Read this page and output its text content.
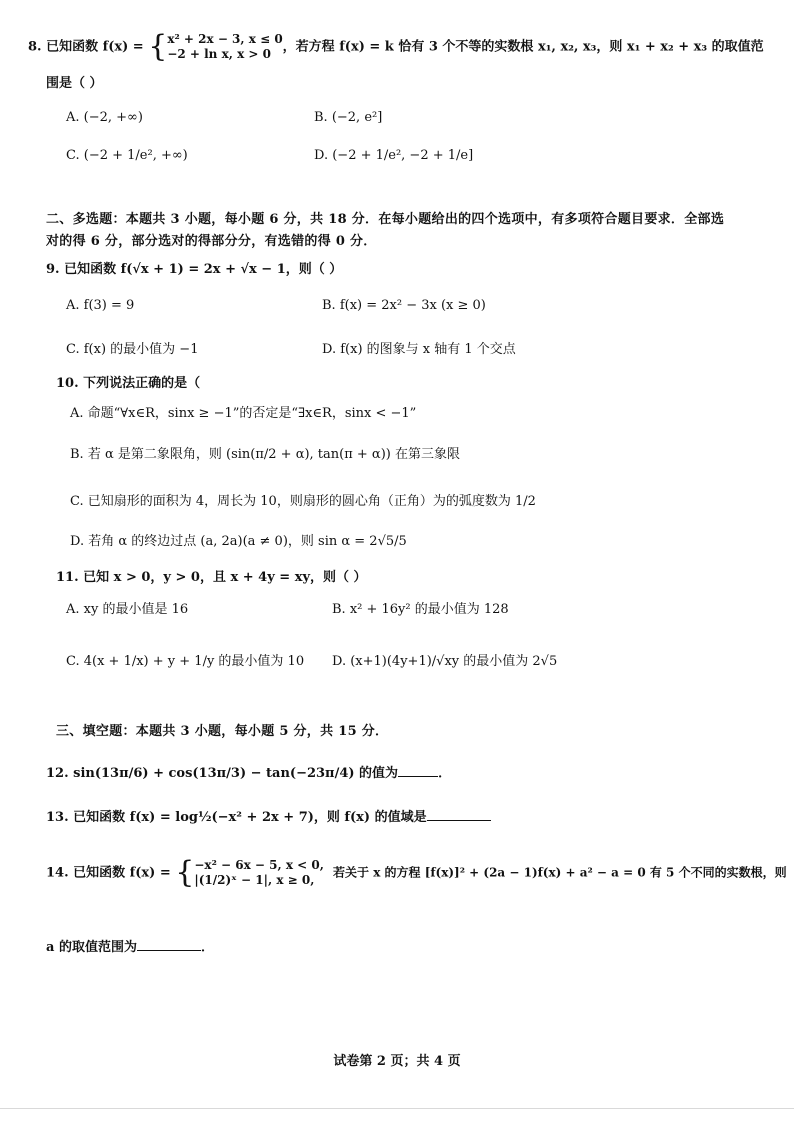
8. 已知函数 f(x) = {x² + 2x − 3, x ≤ 0
−2 + ln x, x > 0 ，若方程 f(x) = k 恰有 3 个不等的实数根 x₁, x₂, x₃，则 x₁ + x₂ + x₃ 的取值范
围是（ ）
A. (−2, +∞)	B. (−2, e²]
C. (−2 + 1/e², +∞)	D. (−2 + 1/e², −2 + 1/e]
二、多选题：本题共 3 小题，每小题 6 分，共 18 分．在每小题给出的四个选项中，有多项符合题目要求．全部选
对的得 6 分，部分选对的得部分分，有选错的得 0 分．
9. 已知函数 f(√x + 1) = 2x + √x − 1，则（ ）
A. f(3) = 9	B. f(x) = 2x² − 3x (x ≥ 0)
C. f(x) 的最小值为 −1	D. f(x) 的图象与 x 轴有 1 个交点
10. 下列说法正确的是（
A. 命题“∀x∈R，sinx ≥ −1”的否定是“∃x∈R，sinx < −1”
B. 若 α 是第二象限角，则 (sin(π/2 + α), tan(π + α)) 在第三象限
C. 已知扇形的面积为 4，周长为 10，则扇形的圆心角（正角）为的弧度数为 1/2
D. 若角 α 的终边过点 (a, 2a)(a ≠ 0)，则 sin α = 2√5/5
11. 已知 x > 0，y > 0，且 x + 4y = xy，则（ ）
A. xy 的最小值是 16	B. x² + 16y² 的最小值为 128
C. 4(x + 1/x) + y + 1/y 的最小值为 10 D. (x+1)(4y+1)/√xy 的最小值为 2√5
三、填空题：本题共 3 小题，每小题 5 分，共 15 分．
12. sin(13π/6) + cos(13π/3) − tan(−23π/4) 的值为	．
13. 已知函数 f(x) = log½(−x² + 2x + 7)，则 f(x) 的值域是
14. 已知函数 f(x) = {−x² − 6x − 5, x < 0,
|(1/2)ˣ − 1|, x ≥ 0,  若关于 x 的方程 [f(x)]² + (2a − 1)f(x) + a² − a = 0 有 5 个不同的实数根，则
a 的取值范围为	．
试卷第 2 页；共 4 页
